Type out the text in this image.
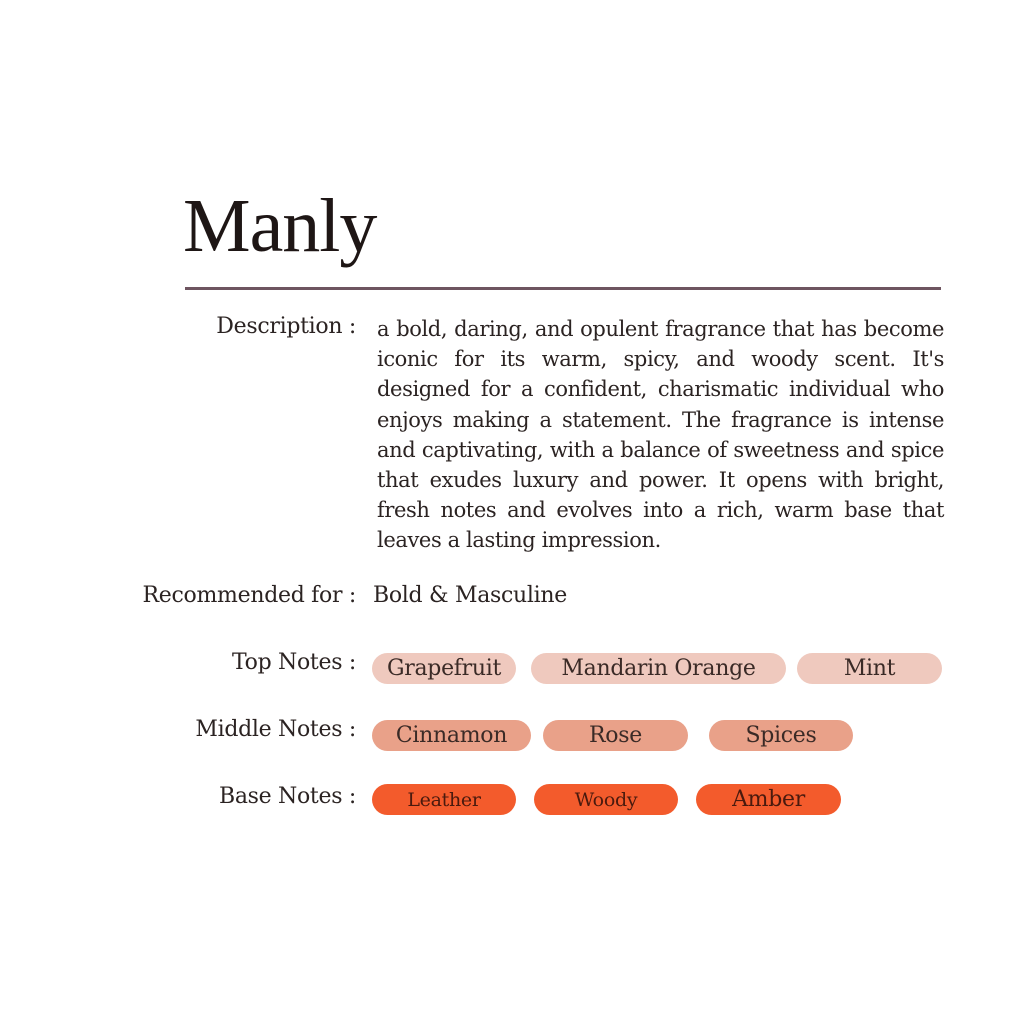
Manly
Description : a bold, daring, and opulent fragrance that has become iconic for its warm, spicy, and woody scent. It's designed for a confident, charismatic individual who enjoys making a statement. The fragrance is intense and captivating, with a balance of sweetness and spice that exudes luxury and power. It opens with bright, fresh notes and evolves into a rich, warm base that leaves a lasting impression.
Recommended for : Bold & Masculine
Top Notes :	Grapefruit	Mandarin Orange	Mint
Middle Notes :	Cinnamon	Rose	Spices
Base Notes :	Leather	Woody	Amber
